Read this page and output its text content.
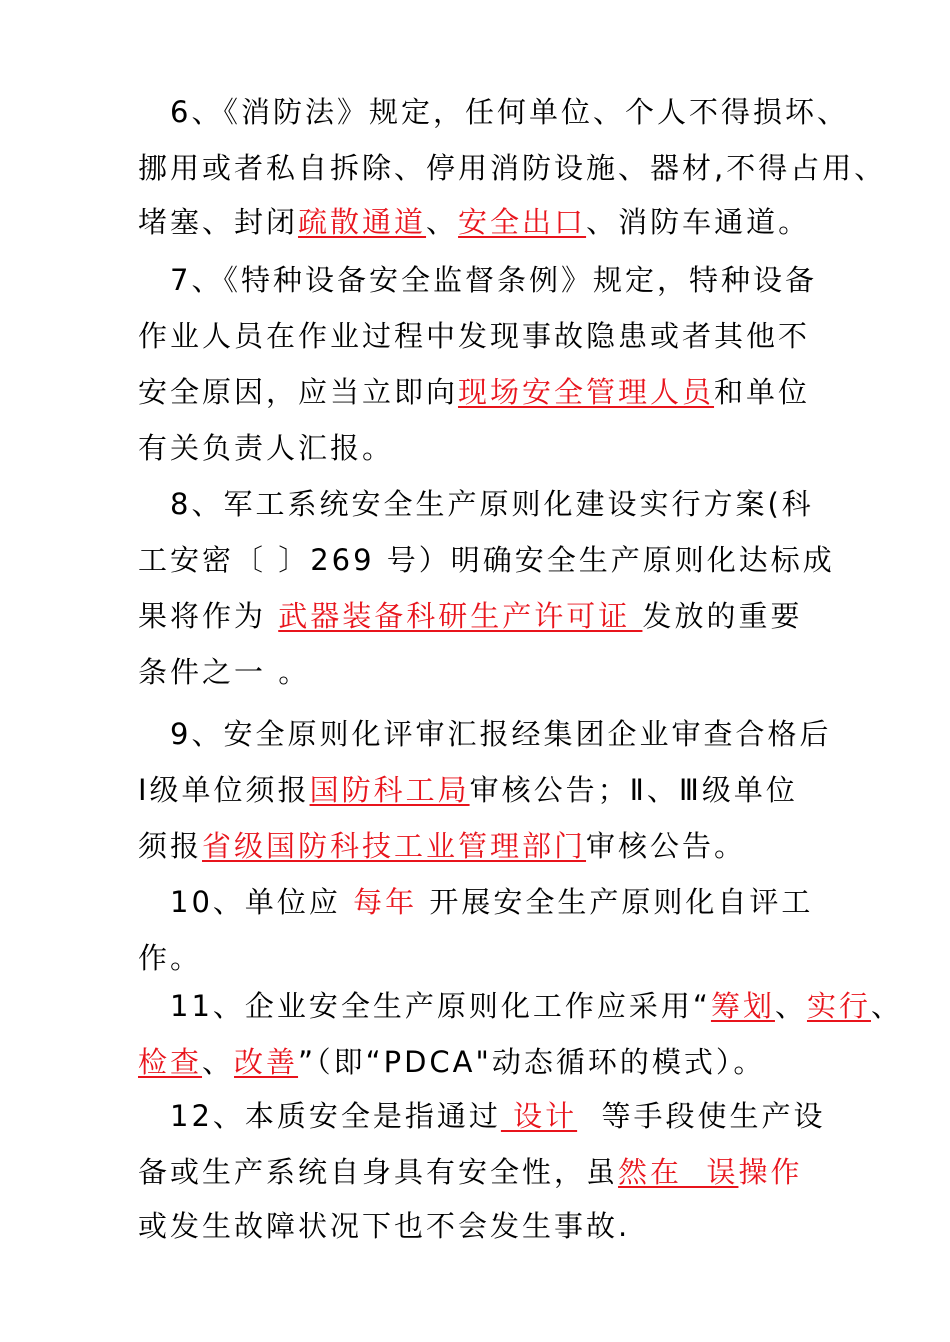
6、《消防法》规定，任何单位、个人不得损坏、
挪用或者私自拆除、停用消防设施、器材,不得占用、
堵塞、封闭疏散通道、安全出口、消防车通道。
7、《特种设备安全监督条例》规定，特种设备
作业人员在作业过程中发现事故隐患或者其他不
安全原因，应当立即向现场安全管理人员和单位
有关负责人汇报。
8、军工系统安全生产原则化建设实行方案(科
工安密〔 〕269 号）明确安全生产原则化达标成
果将作为 武器装备科研生产许可证 发放的重要
条件之一 。
9、安全原则化评审汇报经集团企业审查合格后
Ⅰ级单位须报国防科工局审核公告；Ⅱ、Ⅲ级单位
须报省级国防科技工业管理部门审核公告。
10、单位应 每年 开展安全生产原则化自评工
作。
11、企业安全生产原则化工作应采用“筹划、实行、
检查、改善”（即“PDCA"动态循环的模式）。
12、本质安全是指通过 设计  等手段使生产设
备或生产系统自身具有安全性，虽然在  误操作
或发生故障状况下也不会发生事故.
